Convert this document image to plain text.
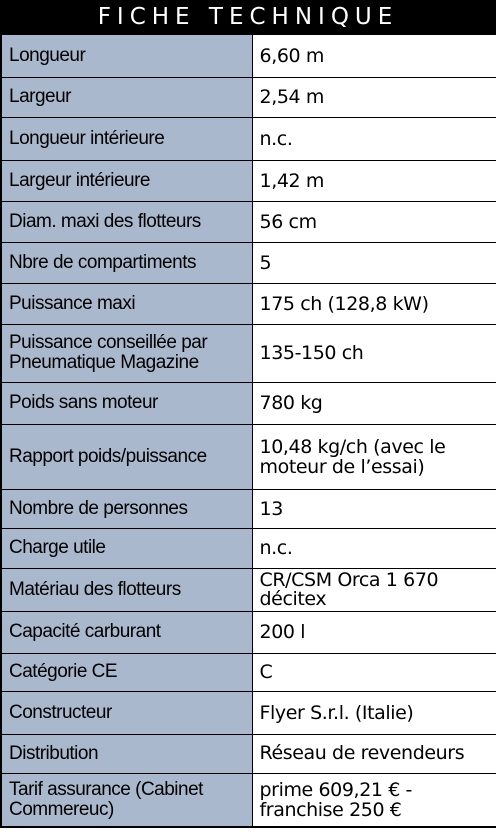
FICHE TECHNIQUE
Longueur	6,60 m
Largeur	2,54 m
Longueur intérieure	n.c.
Largeur intérieure	1,42 m
Diam. maxi des flotteurs	56 cm
Nbre de compartiments	5
Puissance maxi	175 ch (128,8 kW)
Puissance conseillée par Pneumatique Magazine	135-150 ch
Poids sans moteur	780 kg
Rapport poids/puissance	10,48 kg/ch (avec le moteur de l’essai)
Nombre de personnes	13
Charge utile	n.c.
Matériau des flotteurs	CR/CSM Orca 1 670 décitex
Capacité carburant	200 l
Catégorie CE	C
Constructeur	Flyer S.r.l. (Italie)
Distribution	Réseau de revendeurs
Tarif assurance (Cabinet Commereuc)	prime 609,21 € - franchise 250 €
